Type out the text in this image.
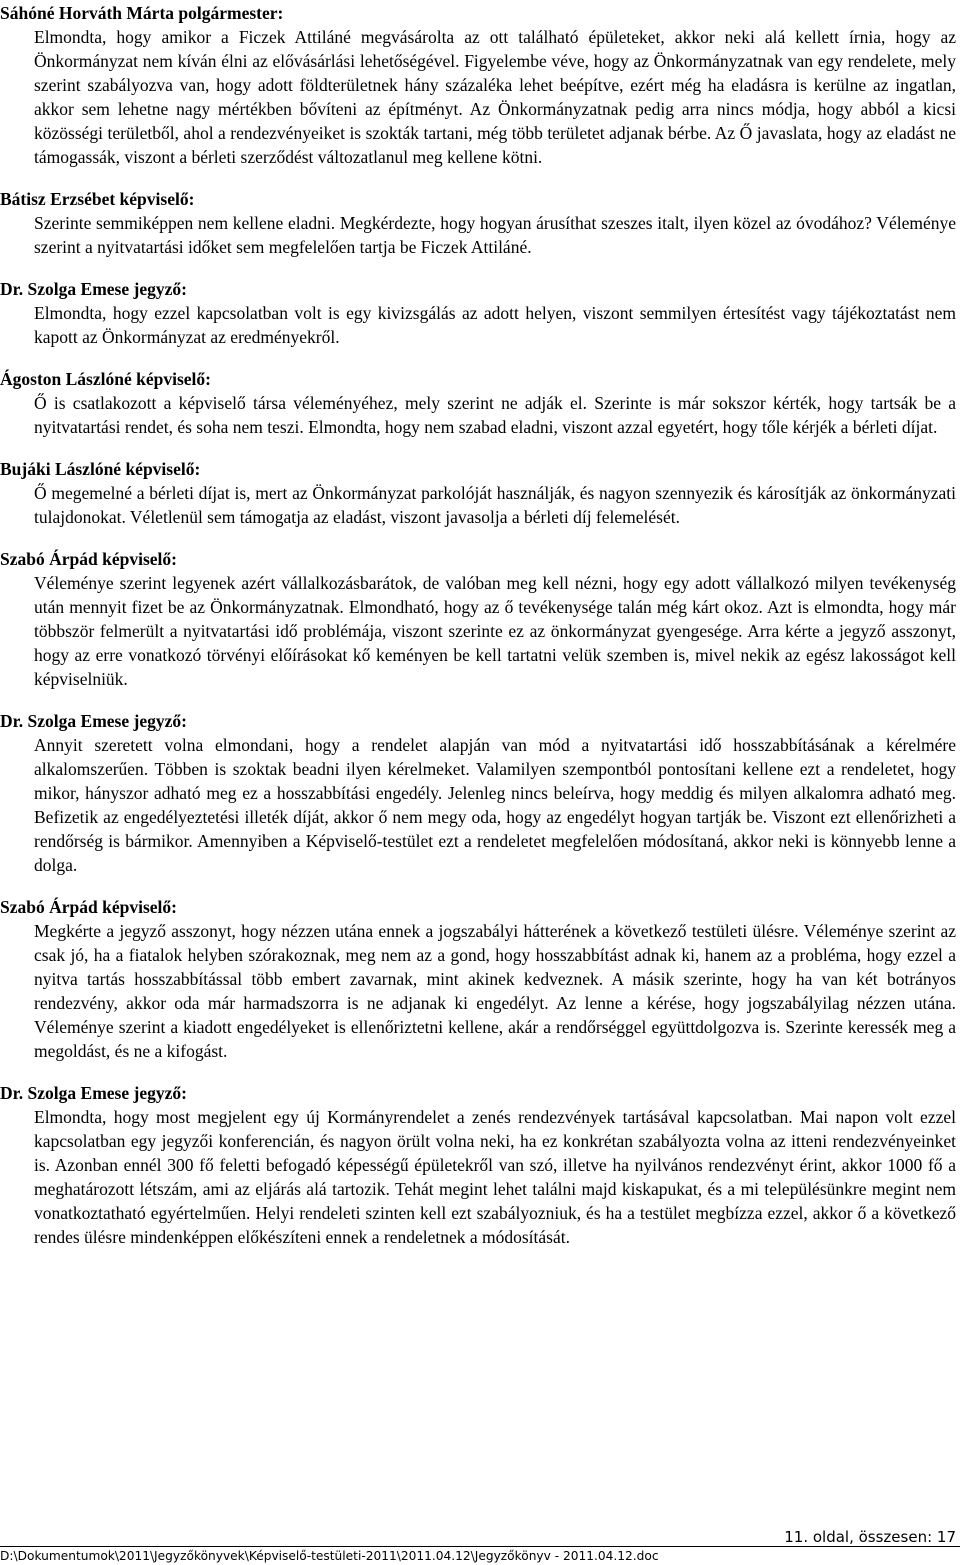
Sáhóné Horváth Márta polgármester:

Elmondta, hogy amikor a Ficzek Attiláné megvásárolta az ott található épületeket, akkor neki alá kellett írnia, hogy az Önkormányzat nem kíván élni az elővásárlási lehetőségével. Figyelembe véve, hogy az Önkormányzatnak van egy rendelete, mely szerint szabályozva van, hogy adott földterületnek hány százaléka lehet beépítve, ezért még ha eladásra is kerülne az ingatlan, akkor sem lehetne nagy mértékben bővíteni az építményt. Az Önkormányzatnak pedig arra nincs módja, hogy abból a kicsi közösségi területből, ahol a rendezvényeiket is szokták tartani, még több területet adjanak bérbe. Az Ő javaslata, hogy az eladást ne támogassák, viszont a bérleti szerződést változatlanul meg kellene kötni.

Bátisz Erzsébet képviselő:

Szerinte semmiképpen nem kellene eladni. Megkérdezte, hogy hogyan árusíthat szeszes italt, ilyen közel az óvodához? Véleménye szerint a nyitvatartási időket sem megfelelően tartja be Ficzek Attiláné.

Dr. Szolga Emese jegyző:

Elmondta, hogy ezzel kapcsolatban volt is egy kivizsgálás az adott helyen, viszont semmilyen értesítést vagy tájékoztatást nem kapott az Önkormányzat az eredményekről.

Ágoston Lászlóné képviselő:

Ő is csatlakozott a képviselő társa véleményéhez, mely szerint ne adják el. Szerinte is már sokszor kérték, hogy tartsák be a nyitvatartási rendet, és soha nem teszi. Elmondta, hogy nem szabad eladni, viszont azzal egyetért, hogy tőle kérjék a bérleti díjat.

Bujáki Lászlóné képviselő:

Ő megemelné a bérleti díjat is, mert az Önkormányzat parkolóját használják, és nagyon szennyezik és károsítják az önkormányzati tulajdonokat. Véletlenül sem támogatja az eladást, viszont javasolja a bérleti díj felemelését.

Szabó Árpád képviselő:

Véleménye szerint legyenek azért vállalkozásbarátok, de valóban meg kell nézni, hogy egy adott vállalkozó milyen tevékenység után mennyit fizet be az Önkormányzatnak. Elmondható, hogy az ő tevékenysége talán még kárt okoz. Azt is elmondta, hogy már többször felmerült a nyitvatartási idő problémája, viszont szerinte ez az önkormányzat gyengesége. Arra kérte a jegyző asszonyt, hogy az erre vonatkozó törvényi előírásokat kő keményen be kell tartatni velük szemben is, mivel nekik az egész lakosságot kell képviselniük.

Dr. Szolga Emese jegyző:

Annyit szeretett volna elmondani, hogy a rendelet alapján van mód a nyitvatartási idő hosszabbításának a kérelmére alkalomszerűen. Többen is szoktak beadni ilyen kérelmeket. Valamilyen szempontból pontosítani kellene ezt a rendeletet, hogy mikor, hányszor adható meg ez a hosszabbítási engedély. Jelenleg nincs beleírva, hogy meddig és milyen alkalomra adható meg. Befizetik az engedélyeztetési illeték díját, akkor ő nem megy oda, hogy az engedélyt hogyan tartják be. Viszont ezt ellenőrizheti a rendőrség is bármikor. Amennyiben a Képviselő-testület ezt a rendeletet megfelelően módosítaná, akkor neki is könnyebb lenne a dolga.

Szabó Árpád képviselő:

Megkérte a jegyző asszonyt, hogy nézzen utána ennek a jogszabályi hátterének a következő testületi ülésre. Véleménye szerint az csak jó, ha a fiatalok helyben szórakoznak, meg nem az a gond, hogy hosszabbítást adnak ki, hanem az a probléma, hogy ezzel a nyitva tartás hosszabbítással több embert zavarnak, mint akinek kedveznek. A másik szerinte, hogy ha van két botrányos rendezvény, akkor oda már harmadszorra is ne adjanak ki engedélyt. Az lenne a kérése, hogy jogszabályilag nézzen utána. Véleménye szerint a kiadott engedélyeket is ellenőriztetni kellene, akár a rendőrséggel együttdolgozva is. Szerinte keressék meg a megoldást, és ne a kifogást.

Dr. Szolga Emese jegyző:

Elmondta, hogy most megjelent egy új Kormányrendelet a zenés rendezvények tartásával kapcsolatban. Mai napon volt ezzel kapcsolatban egy jegyzői konferencián, és nagyon örült volna neki, ha ez konkrétan szabályozta volna az itteni rendezvényeinket is. Azonban ennél 300 fő feletti befogadó képességű épületekről van szó, illetve ha nyilvános rendezvényt érint, akkor 1000 fő a meghatározott létszám, ami az eljárás alá tartozik. Tehát megint lehet találni majd kiskapukat, és a mi településünkre megint nem vonatkoztatható egyértelműen. Helyi rendeleti szinten kell ezt szabályozniuk, és ha a testület megbízza ezzel, akkor ő a következő rendes ülésre mindenképpen előkészíteni ennek a rendeletnek a módosítását.

11. oldal, összesen: 17
D:\Dokumentumok\2011\Jegyzőkönyvek\Képviselő-testületi-2011\2011.04.12\Jegyzőkönyv - 2011.04.12.doc
